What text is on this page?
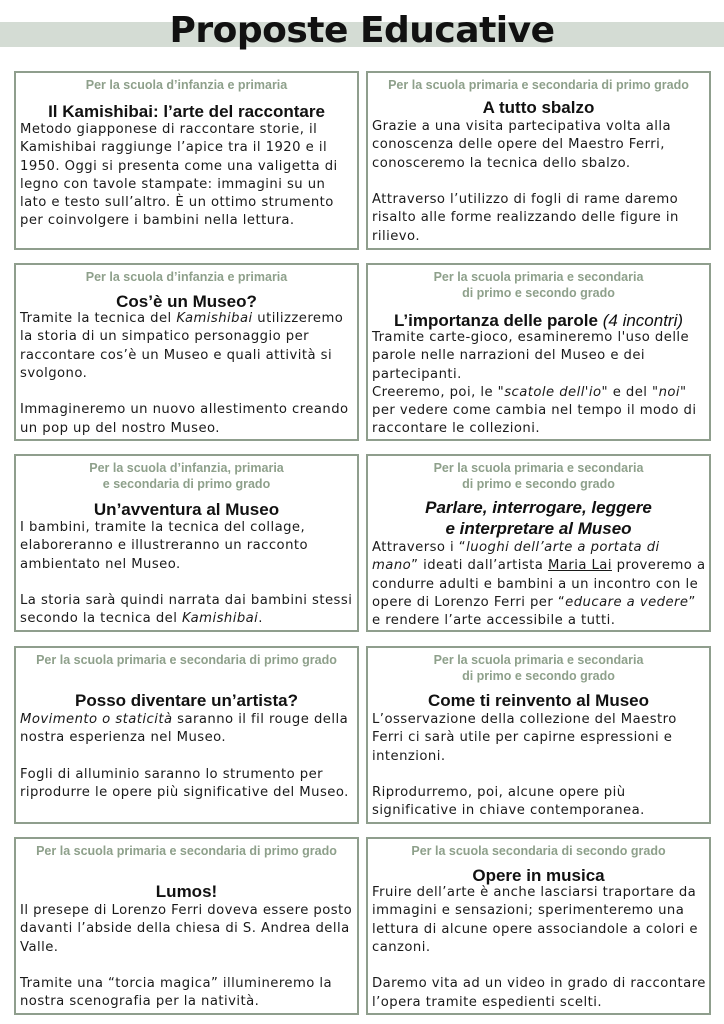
Proposte Educative
Per la scuola d’infanzia e primaria
Il Kamishibai: l’arte del raccontare

Metodo giapponese di raccontare storie, il Kamishibai raggiunge l’apice tra il 1920 e il 1950. Oggi si presenta come una valigetta di legno con tavole stampate: immagini su un lato e testo sull’altro. È un ottimo strumento per coinvolgere i bambini nella lettura.

Per la scuola primaria e secondaria di primo grado
A tutto sbalzo

Grazie a una visita partecipativa volta alla conoscenza delle opere del Maestro Ferri, conosceremo la tecnica dello sbalzo.

Attraverso l’utilizzo di fogli di rame daremo risalto alle forme realizzando delle figure in rilievo.

Per la scuola d’infanzia e primaria
Cos’è un Museo?

Tramite la tecnica del Kamishibai utilizzeremo la storia di un simpatico personaggio per raccontare cos’è un Museo e quali attività si svolgono.

Immagineremo un nuovo allestimento creando un pop up del nostro Museo.

Per la scuola primaria e secondaria
di primo e secondo grado
L’importanza delle parole (4 incontri)

Tramite carte-gioco, esamineremo l'uso delle parole nelle narrazioni del Museo e dei partecipanti.

Creeremo, poi, le "scatole dell'io" e del "noi" per vedere come cambia nel tempo il modo di raccontare le collezioni.

Per la scuola d’infanzia, primaria
e secondaria di primo grado
Un’avventura al Museo

I bambini, tramite la tecnica del collage, elaboreranno e illustreranno un racconto ambientato nel Museo.

La storia sarà quindi narrata dai bambini stessi secondo la tecnica del Kamishibai.

Per la scuola primaria e secondaria
di primo e secondo grado
Parlare, interrogare, leggere
e interpretare al Museo

Attraverso i “luoghi dell’arte a portata di mano” ideati dall’artista Maria Lai proveremo a condurre adulti e bambini a un incontro con le opere di Lorenzo Ferri per “educare a vedere” e rendere l’arte accessibile a tutti.

Per la scuola primaria e secondaria di primo grado
Posso diventare un’artista?

Movimento o staticità saranno il fil rouge della nostra esperienza nel Museo.

Fogli di alluminio saranno lo strumento per riprodurre le opere più significative del Museo.

Per la scuola primaria e secondaria
di primo e secondo grado
Come ti reinvento al Museo

L’osservazione della collezione del Maestro Ferri ci sarà utile per capirne espressioni e intenzioni.

Riprodurremo, poi, alcune opere più significative in chiave contemporanea.

Per la scuola primaria e secondaria di primo grado
Lumos!

Il presepe di Lorenzo Ferri doveva essere posto davanti l’abside della chiesa di S. Andrea della Valle.

Tramite una “torcia magica” illumineremo la nostra scenografia per la natività.

Per la scuola secondaria di secondo grado
Opere in musica

Fruire dell’arte è anche lasciarsi traportare da immagini e sensazioni; sperimenteremo una lettura di alcune opere associandole a colori e canzoni.

Daremo vita ad un video in grado di raccontare l’opera tramite espedienti scelti.
